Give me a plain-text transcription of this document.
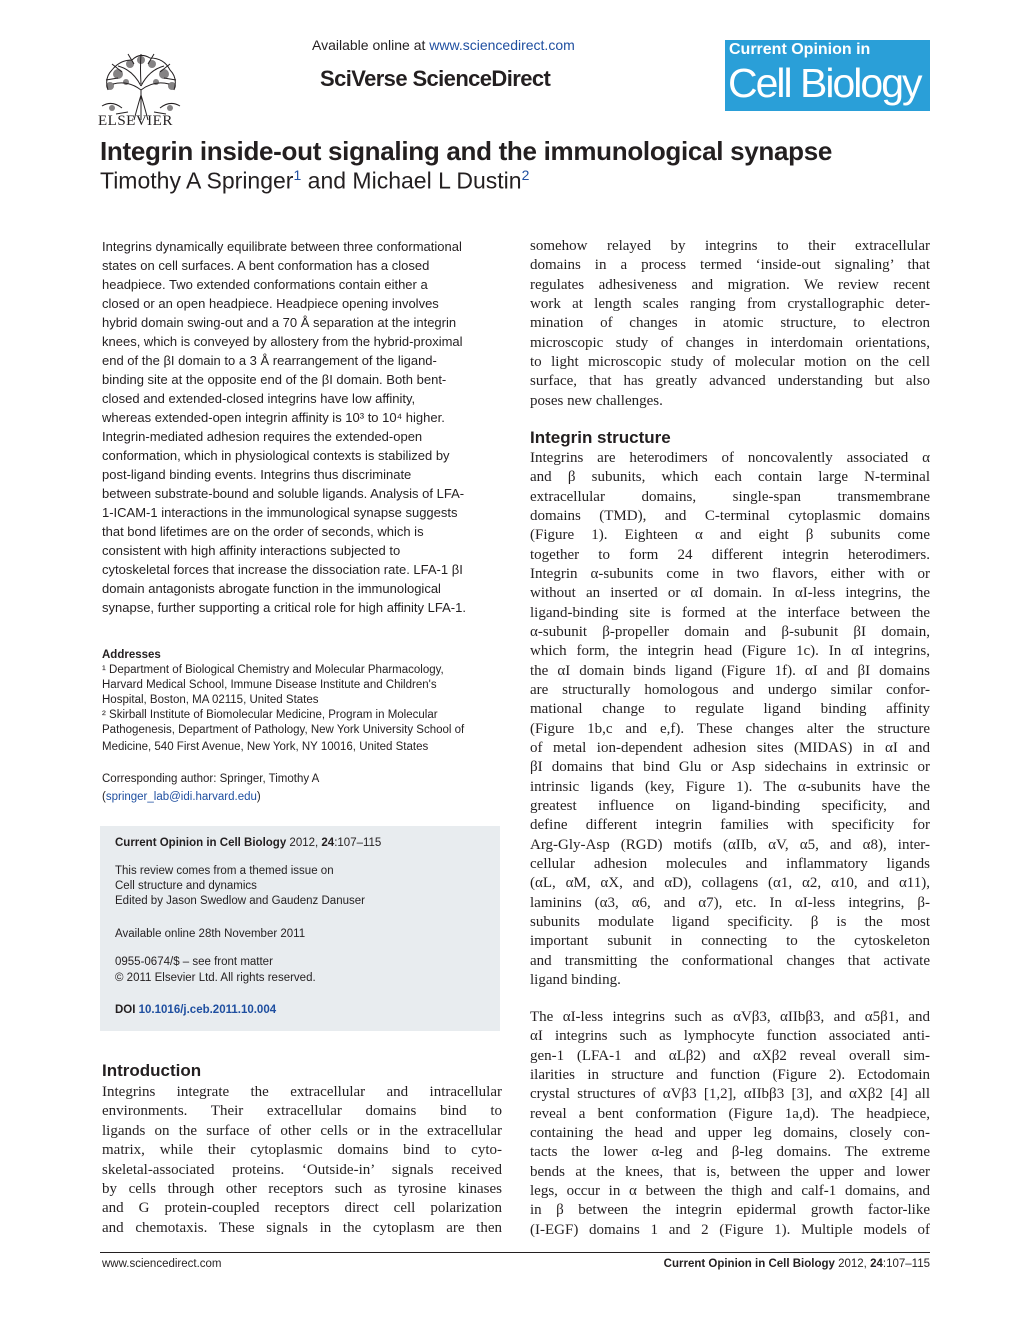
ELSEVIER
Available online at www.sciencedirect.com
SciVerse ScienceDirect
Current Opinion in
Cell Biology
Integrin inside-out signaling and the immunological synapse
Timothy A Springer$^1$ and Michael L Dustin$^2$
Integrins dynamically equilibrate between three conformational
states on cell surfaces. A bent conformation has a closed
headpiece. Two extended conformations contain either a
closed or an open headpiece. Headpiece opening involves
hybrid domain swing-out and a 70 Å separation at the integrin
knees, which is conveyed by allostery from the hybrid-proximal
end of the βI domain to a 3 Å rearrangement of the ligand-
binding site at the opposite end of the βI domain. Both bent-
closed and extended-closed integrins have low affinity,
whereas extended-open integrin affinity is 10³ to 10⁴ higher.
Integrin-mediated adhesion requires the extended-open
conformation, which in physiological contexts is stabilized by
post-ligand binding events. Integrins thus discriminate
between substrate-bound and soluble ligands. Analysis of LFA-
1-ICAM-1 interactions in the immunological synapse suggests
that bond lifetimes are on the order of seconds, which is
consistent with high affinity interactions subjected to
cytoskeletal forces that increase the dissociation rate. LFA-1 βI
domain antagonists abrogate function in the immunological
synapse, further supporting a critical role for high affinity LFA-1.
Addresses
¹ Department of Biological Chemistry and Molecular Pharmacology,
Harvard Medical School, Immune Disease Institute and Children's
Hospital, Boston, MA 02115, United States
² Skirball Institute of Biomolecular Medicine, Program in Molecular
Pathogenesis, Department of Pathology, New York University School of
Medicine, 540 First Avenue, New York, NY 10016, United States
Corresponding author: Springer, Timothy A
(springer_lab@idi.harvard.edu)
Current Opinion in Cell Biology 2012, 24:107–115
This review comes from a themed issue on
Cell structure and dynamics
Edited by Jason Swedlow and Gaudenz Danuser
Available online 28th November 2011
0955-0674/$ – see front matter
© 2011 Elsevier Ltd. All rights reserved.
DOI 10.1016/j.ceb.2011.10.004
Introduction
Integrins integrate the extracellular and intracellular
environments. Their extracellular domains bind to
ligands on the surface of other cells or in the extracellular
matrix, while their cytoplasmic domains bind to cyto-
skeletal-associated proteins. ‘Outside-in’ signals received
by cells through other receptors such as tyrosine kinases
and G protein-coupled receptors direct cell polarization
and chemotaxis. These signals in the cytoplasm are then
somehow relayed by integrins to their extracellular
domains in a process termed ‘inside-out signaling’ that
regulates adhesiveness and migration. We review recent
work at length scales ranging from crystallographic deter-
mination of changes in atomic structure, to electron
microscopic study of changes in interdomain orientations,
to light microscopic study of molecular motion on the cell
surface, that has greatly advanced understanding but also
poses new challenges.
Integrin structure
Integrins are heterodimers of noncovalently associated α
and β subunits, which each contain large N-terminal
extracellular domains, single-span transmembrane
domains (TMD), and C-terminal cytoplasmic domains
(Figure 1). Eighteen α and eight β subunits come
together to form 24 different integrin heterodimers.
Integrin α-subunits come in two flavors, either with or
without an inserted or αI domain. In αI-less integrins, the
ligand-binding site is formed at the interface between the
α-subunit β-propeller domain and β-subunit βI domain,
which form, the integrin head (Figure 1c). In αI integrins,
the αI domain binds ligand (Figure 1f). αI and βI domains
are structurally homologous and undergo similar confor-
mational change to regulate ligand binding affinity
(Figure 1b,c and e,f). These changes alter the structure
of metal ion-dependent adhesion sites (MIDAS) in αI and
βI domains that bind Glu or Asp sidechains in extrinsic or
intrinsic ligands (key, Figure 1). The α-subunits have the
greatest influence on ligand-binding specificity, and
define different integrin families with specificity for
Arg-Gly-Asp (RGD) motifs (αIIb, αV, α5, and α8), inter-
cellular adhesion molecules and inflammatory ligands
(αL, αM, αX, and αD), collagens (α1, α2, α10, and α11),
laminins (α3, α6, and α7), etc. In αI-less integrins, β-
subunits modulate ligand specificity. β is the most
important subunit in connecting to the cytoskeleton
and transmitting the conformational changes that activate
ligand binding.
The αI-less integrins such as αVβ3, αIIbβ3, and α5β1, and
αI integrins such as lymphocyte function associated anti-
gen-1 (LFA-1 and αLβ2) and αXβ2 reveal overall sim-
ilarities in structure and function (Figure 2). Ectodomain
crystal structures of αVβ3 [1,2], αIIbβ3 [3], and αXβ2 [4] all
reveal a bent conformation (Figure 1a,d). The headpiece,
containing the head and upper leg domains, closely con-
tacts the lower α-leg and β-leg domains. The extreme
bends at the knees, that is, between the upper and lower
legs, occur in α between the thigh and calf-1 domains, and
in β between the integrin epidermal growth factor-like
(I-EGF) domains 1 and 2 (Figure 1). Multiple models of
www.sciencedirect.com	Current Opinion in Cell Biology 2012, 24:107–115
